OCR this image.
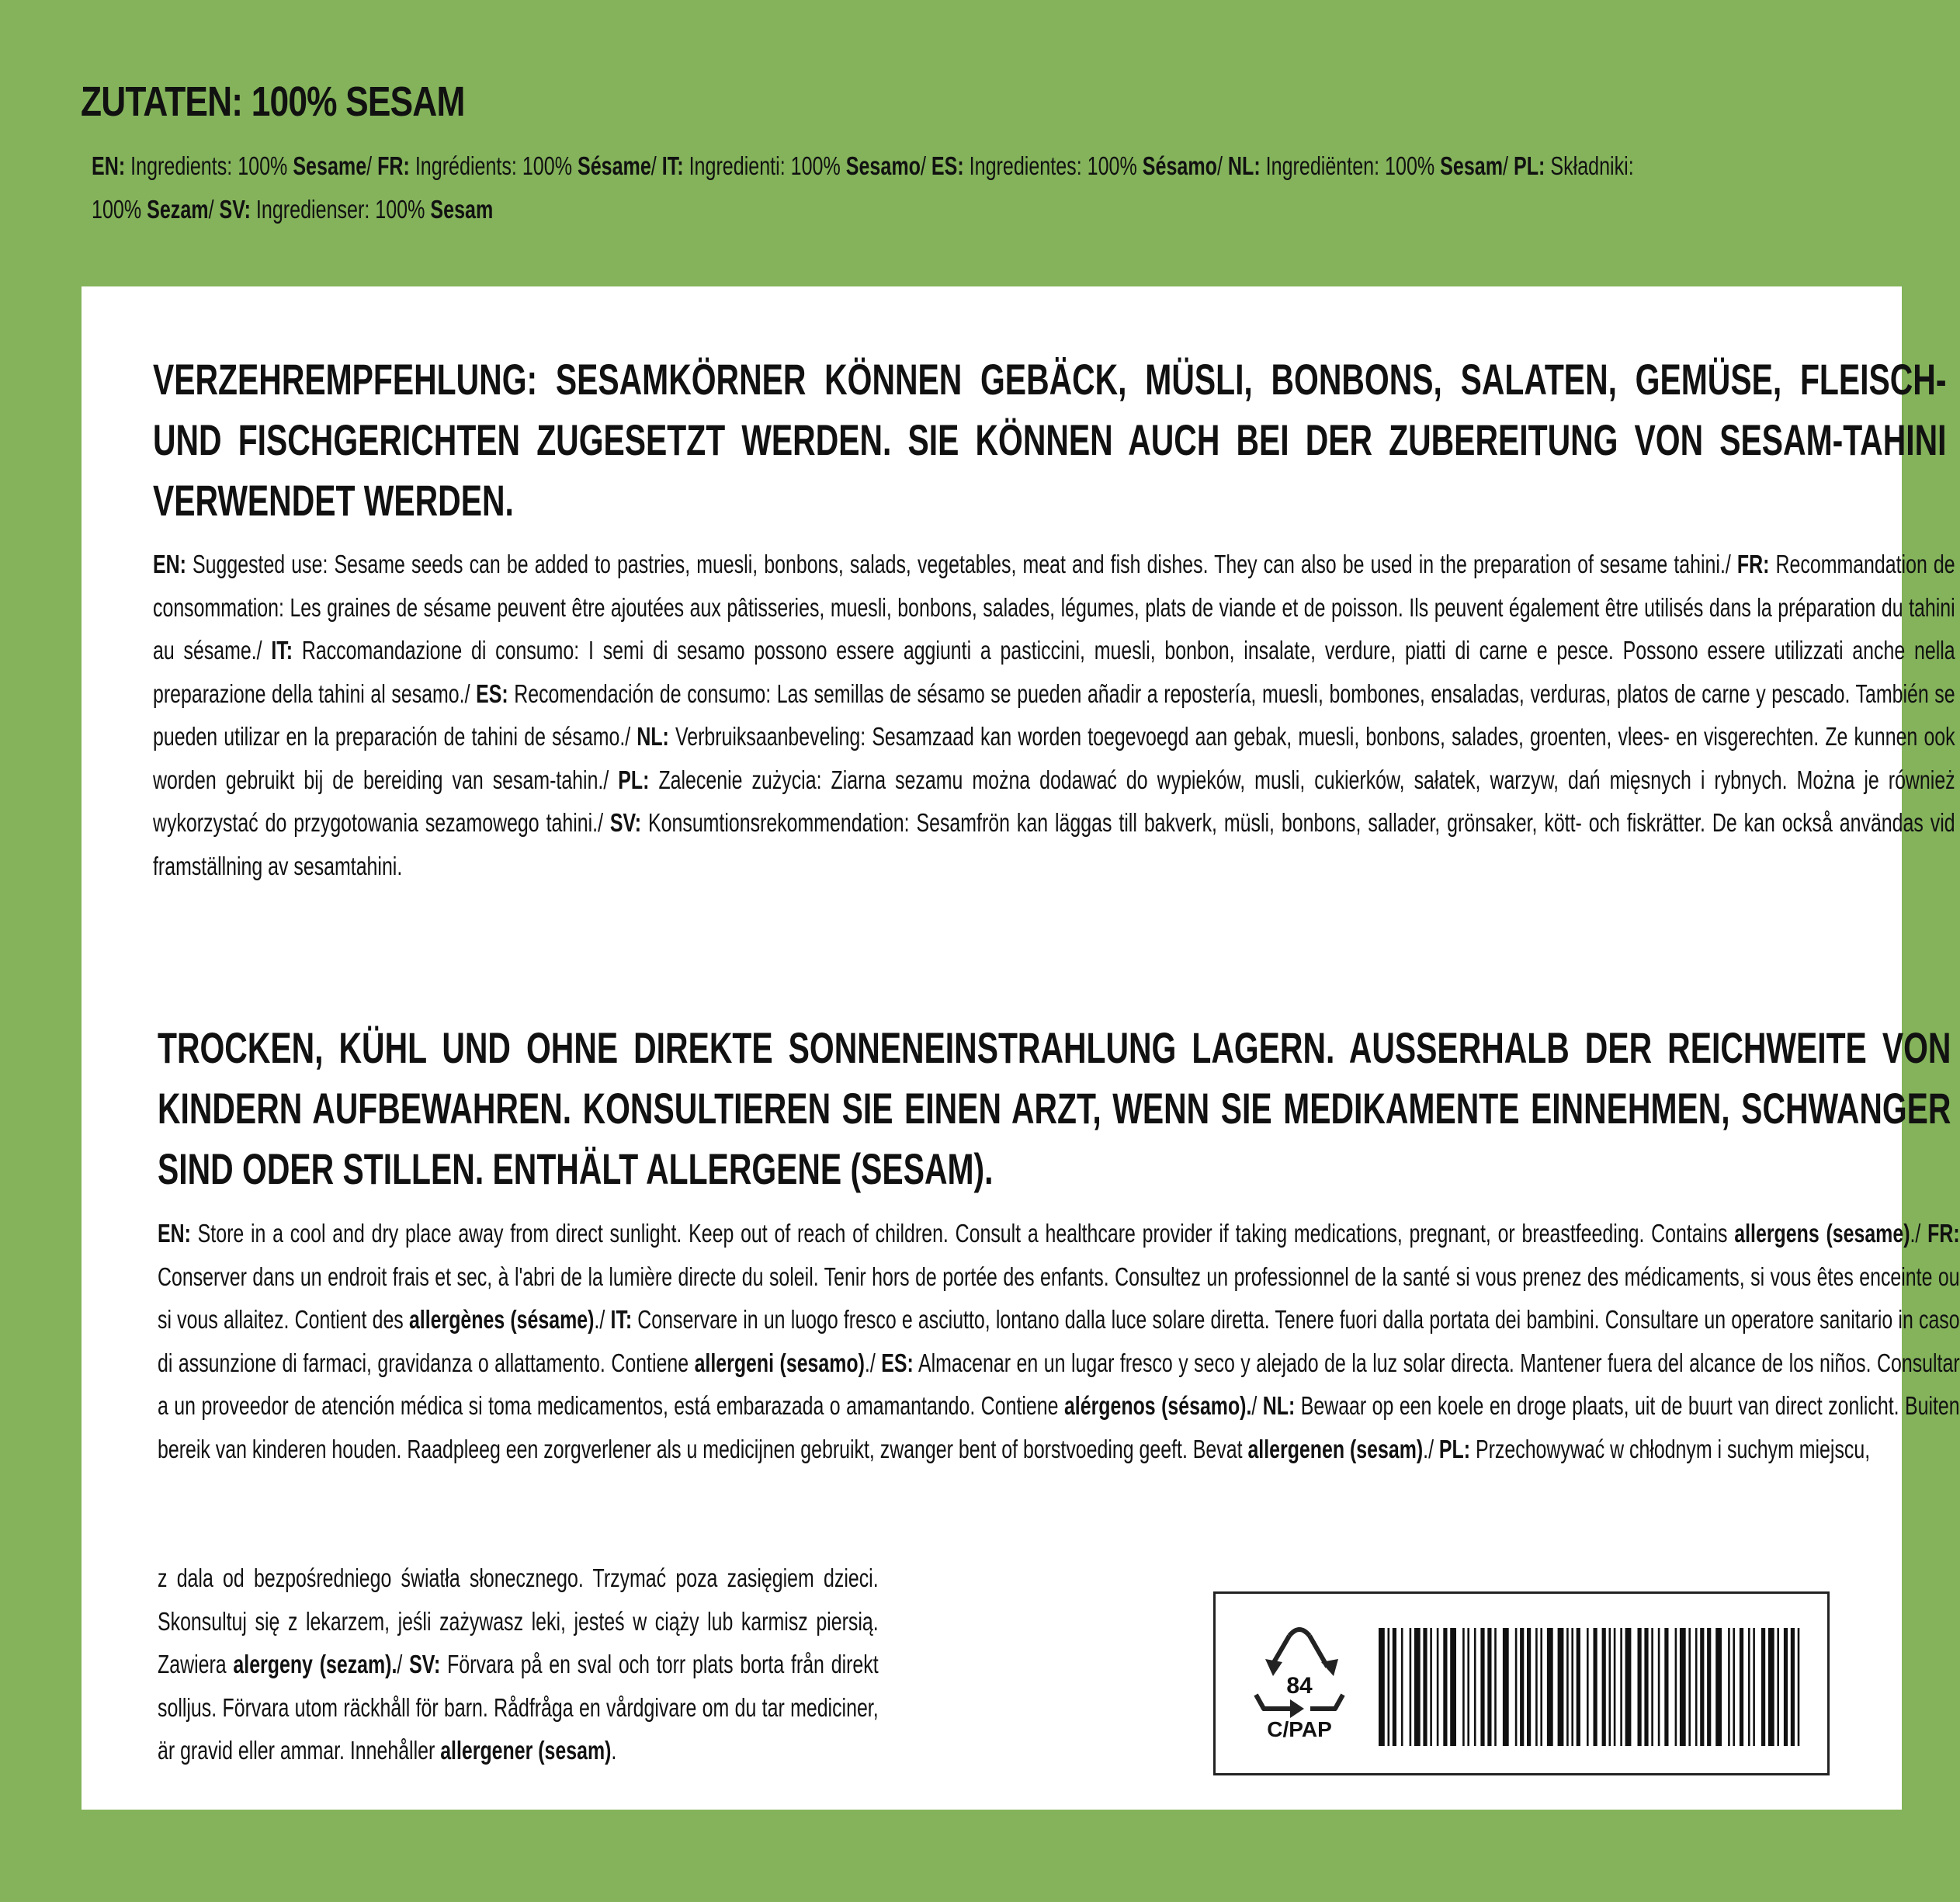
ZUTATEN: 100% SESAM

EN: Ingredients: 100% Sesame/ FR: Ingrédients: 100% Sésame/ IT: Ingredienti: 100% Sesamo/ ES: Ingredientes: 100% Sésamo/ NL: Ingrediënten: 100% Sesam/ PL: Składniki: 100% Sezam/ SV: Ingredienser: 100% Sesam

VERZEHREMPFEHLUNG: SESAMKÖRNER KÖNNEN GEBÄCK, MÜSLI, BONBONS, SALATEN, GEMÜSE, FLEISCH- UND FISCHGERICHTEN ZUGESETZT WERDEN. SIE KÖNNEN AUCH BEI DER ZUBEREITUNG VON SESAM-TAHINI VERWENDET WERDEN.

EN: Suggested use: Sesame seeds can be added to pastries, muesli, bonbons, salads, vegetables, meat and fish dishes. They can also be used in the preparation of sesame tahini./ FR: Recommandation de consommation: Les graines de sésame peuvent être ajoutées aux pâtisseries, muesli, bonbons, salades, légumes, plats de viande et de poisson. Ils peuvent également être utilisés dans la préparation du tahini au sésame./ IT: Raccomandazione di consumo: I semi di sesamo possono essere aggiunti a pasticcini, muesli, bonbon, insalate, verdure, piatti di carne e pesce. Possono essere utilizzati anche nella preparazione della tahini al sesamo./ ES: Recomendación de consumo: Las semillas de sésamo se pueden añadir a repostería, muesli, bombones, ensaladas, verduras, platos de carne y pescado. También se pueden utilizar en la preparación de tahini de sésamo./ NL: Verbruiksaanbeveling: Sesamzaad kan worden toegevoegd aan gebak, muesli, bonbons, salades, groenten, vlees- en visgerechten. Ze kunnen ook worden gebruikt bij de bereiding van sesam-tahin./ PL: Zalecenie zużycia: Ziarna sezamu można dodawać do wypieków, musli, cukierków, sałatek, warzyw, dań mięsnych i rybnych. Można je również wykorzystać do przygotowania sezamowego tahini./ SV: Konsumtionsrekommendation: Sesamfrön kan läggas till bakverk, müsli, bonbons, sallader, grönsaker, kött- och fiskrätter. De kan också användas vid framställning av sesamtahini.

TROCKEN, KÜHL UND OHNE DIREKTE SONNENEINSTRAHLUNG LAGERN. AUSSERHALB DER REICHWEITE VON KINDERN AUFBEWAHREN. KONSULTIEREN SIE EINEN ARZT, WENN SIE MEDIKAMENTE EINNEHMEN, SCHWANGER SIND ODER STILLEN. ENTHÄLT ALLERGENE (SESAM).

EN: Store in a cool and dry place away from direct sunlight. Keep out of reach of children. Consult a healthcare provider if taking medications, pregnant, or breastfeeding. Contains allergens (sesame)./ FR: Conserver dans un endroit frais et sec, à l'abri de la lumière directe du soleil. Tenir hors de portée des enfants. Consultez un professionnel de la santé si vous prenez des médicaments, si vous êtes enceinte ou si vous allaitez. Contient des allergènes (sésame)./ IT: Conservare in un luogo fresco e asciutto, lontano dalla luce solare diretta. Tenere fuori dalla portata dei bambini. Consultare un operatore sanitario in caso di assunzione di farmaci, gravidanza o allattamento. Contiene allergeni (sesamo)./ ES: Almacenar en un lugar fresco y seco y alejado de la luz solar directa. Mantener fuera del alcance de los niños. Consultar a un proveedor de atención médica si toma medicamentos, está embarazada o amamantando. Contiene alérgenos (sésamo)./ NL: Bewaar op een koele en droge plaats, uit de buurt van direct zonlicht. Buiten bereik van kinderen houden. Raadpleeg een zorgverlener als u medicijnen gebruikt, zwanger bent of borstvoeding geeft. Bevat allergenen (sesam)./ PL: Przechowywać w chłodnym i suchym miejscu,

z dala od bezpośredniego światła słonecznego. Trzymać poza zasięgiem dzieci. Skonsultuj się z lekarzem, jeśli zażywasz leki, jesteś w ciąży lub karmisz piersią. Zawiera alergeny (sezam)./ SV: Förvara på en sval och torr plats borta från direkt solljus. Förvara utom räckhåll för barn. Rådfråga en vårdgivare om du tar mediciner, är gravid eller ammar. Innehåller allergener (sesam).

84
C/PAP
